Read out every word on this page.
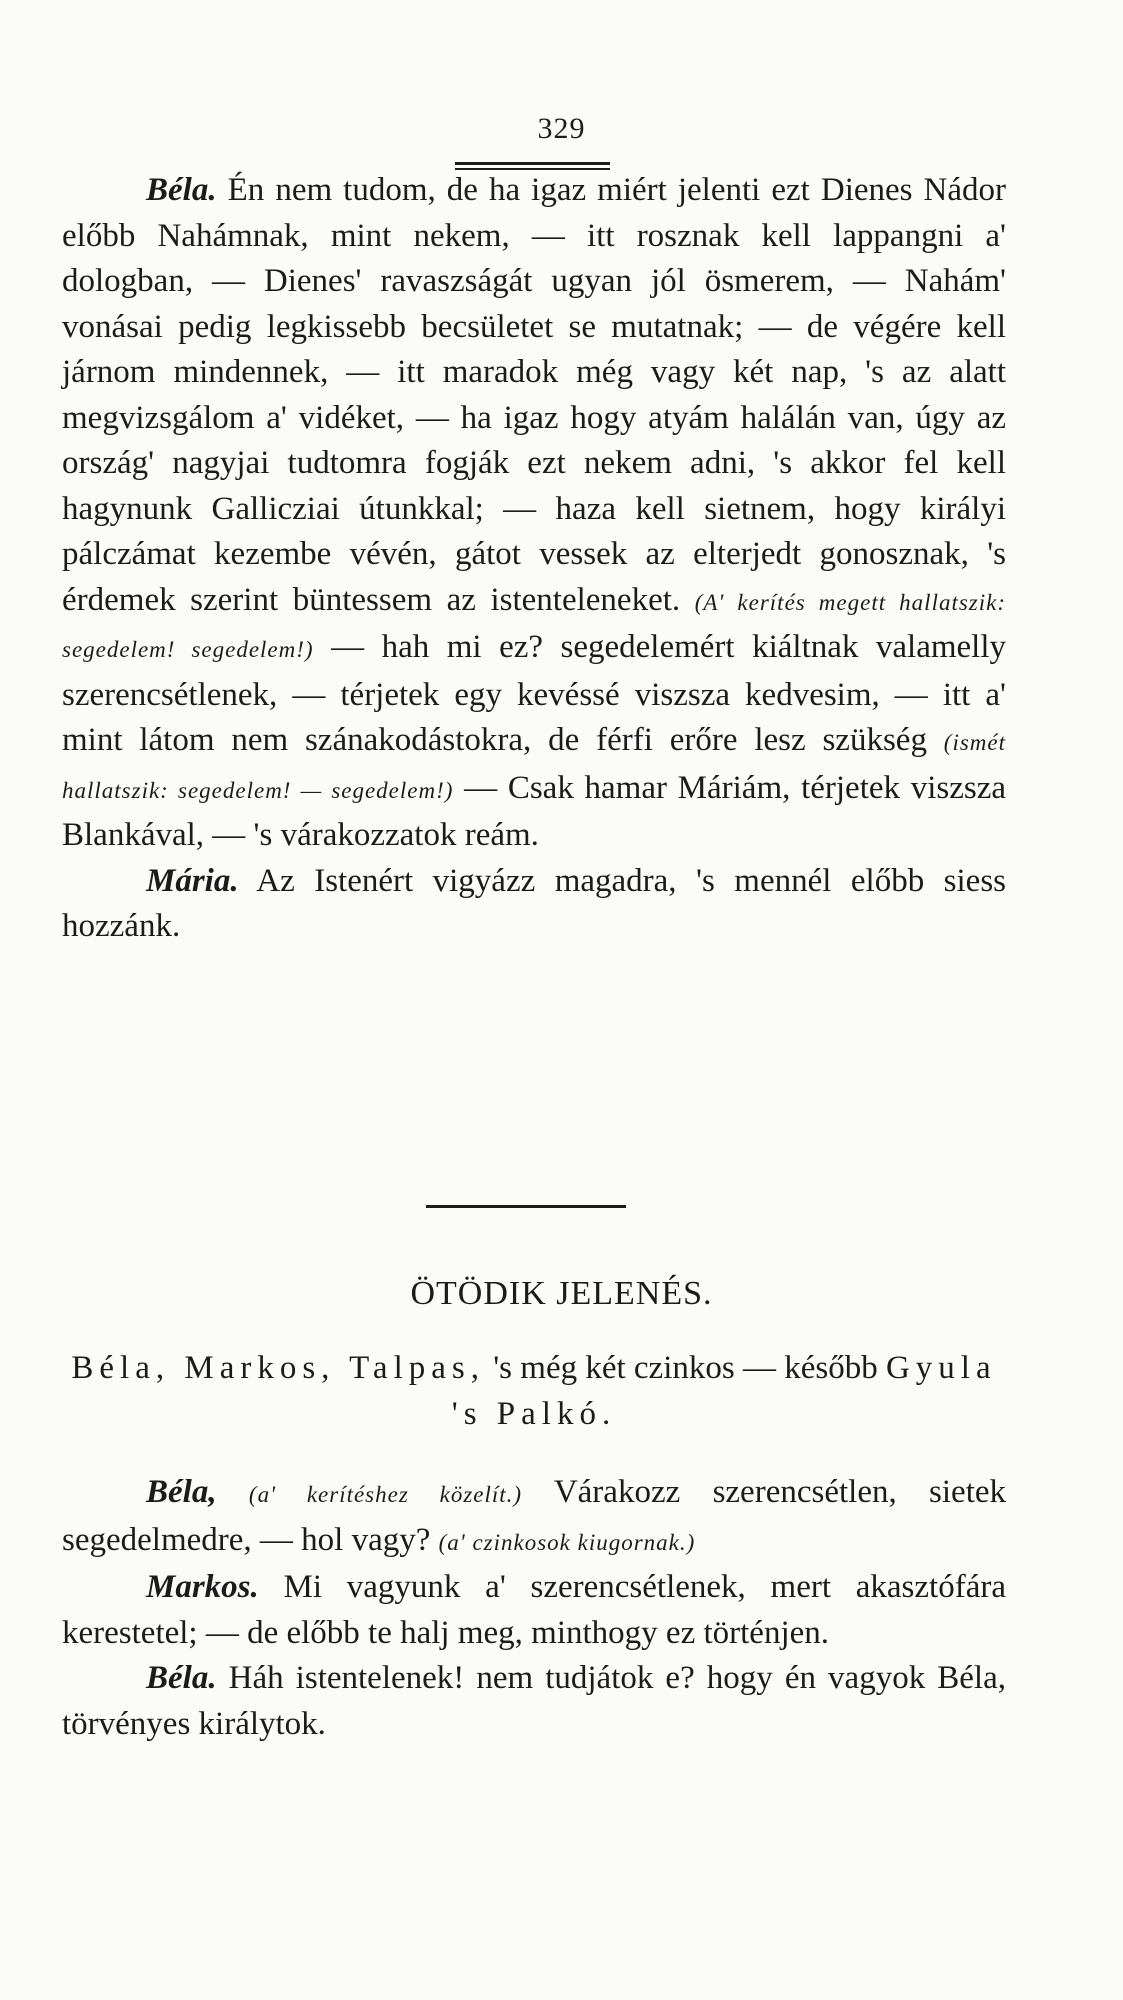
329

Béla. Én nem tudom, de ha igaz miért jelenti ezt Dienes Nádor előbb Nahámnak, mint nekem, — itt rosznak kell lappangni a' dologban, — Dienes' ravaszságát ugyan jól ösmerem, — Nahám' vonásai pedig legkissebb becsületet se mutatnak; — de végére kell járnom mindennek, — itt maradok még vagy két nap, 's az alatt megvizsgálom a' vidéket, — ha igaz hogy atyám halálán van, úgy az ország' nagyjai tudtomra fogják ezt nekem adni, 's akkor fel kell hagynunk Gallicziai útunkkal; — haza kell sietnem, hogy királyi pálczámat kezembe vévén, gátot vessek az elterjedt gonosznak, 's érdemek szerint büntessem az istenteleneket. (A' kerítés megett hallatszik: segedelem! segedelem!) — hah mi ez? segedelemért kiáltnak valamelly szerencsétlenek, — térjetek egy kevéssé viszsza kedvesim, — itt a' mint látom nem szánakodástokra, de férfi erőre lesz szükség (ismét hallatszik: segedelem! — segedelem!) — Csak hamar Máriám, térjetek viszsza Blankával, — 's várakozzatok reám.

Mária. Az Istenért vigyázz magadra, 's mennél előbb siess hozzánk.

ÖTÖDIK JELENÉS.
Béla, Markos, Talpas, 's még két czinkos — később Gyula 's Palkó.

Béla, (a' kerítéshez közelít.) Várakozz szerencsétlen, sietek segedelmedre, — hol vagy? (a' czinkosok kiugornak.)

Markos. Mi vagyunk a' szerencsétlenek, mert akasztófára kerestetel; — de előbb te halj meg, minthogy ez történjen.

Béla. Háh istentelenek! nem tudjátok e? hogy én vagyok Béla, törvényes királytok.
